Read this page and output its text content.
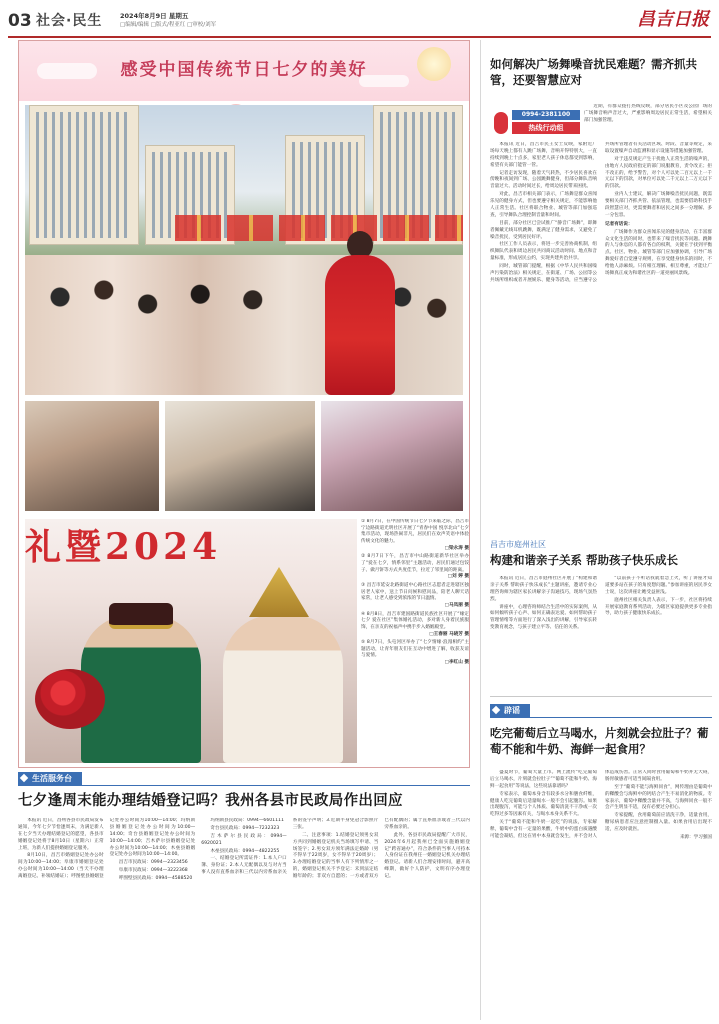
03 社会·民生	2024年8月9日 星期五
□编辑/编辑 □版式/程亚红 □审校/刘军	昌吉日报
感受中国传统节日七夕的美好
礼暨2024

① 8月7日，在中国传统节日七夕节来临之际，昌吉市宁边路街道光明社区开展了“青春中国 悦享北山”七夕集市活动，现场热闹非凡，居民们在欢声笑语中体验传统文化的魅力。
□梁永涛 摄

② 8月7日下午，昌吉市中山路街道新华社区举办了“爱在七夕，情系邻里”主题活动，居民们通过包饺子、做月饼等方式共度佳节，拉近了邻里间的距离。
□刘 婷 摄

③ 昌吉市延安北路街道中心路社区志愿者走进辖区独居老人家中，送上节日问候和慰问品，陪老人聊天话家常，让老人感受到浓浓的节日温情。
□马凤丽 摄

④ 8月8日，昌吉市建国路街道民族社区开展了“缘定七夕 爱在社区”集体婚礼活动，多对新人身着民族服饰，在亲友的祝福声中携手步入婚姻殿堂。
□王春丽 马晓芳 摄

⑤ 8月7日，头屯河区举办了“七夕情缘·浪漫相约”主题活动，让青年朋友们在互动中增进了解，收获友谊与爱情。
□李红山 摄

生活服务台
七夕逢周末能办理结婚登记吗？我州各县市民政局作出回应

本报讯 近日，昌州各县市民政局发布通知，今年七夕节恰逢周末，为满足新人在七夕当天办理结婚登记的愿望，各县市婚姻登记处将于8月10日（星期六）正常上班，为新人们提供婚姻登记服务。

8月10日，昌吉市婚姻登记处办公时间为10:00—14:00；阜康市婚姻登记处办公时间为10:00—14:00（当天不办理离婚登记、补领结婚证）；呼图壁县婚姻登记处办公时间为10:00—14:00；玛纳斯县婚姻登记处办公时间为10:00—14:00；奇台县婚姻登记处办公时间为10:00—14:00；吉木萨尔县婚姻登记处办公时间为10:00—14:00；木垒县婚姻登记处办公时间为10:00—14:00。

昌吉市民政局：0994—2323456

阜康市民政局：0994—3222368

呼图壁县民政局：0994—4588520

玛纳斯县民政局：0994—6601111

奇台县民政局：0994—7232323

吉木萨尔县民政局：0994—6920021

木垒县民政局：0994—4822255

一、结婚登记所需证件：1.本人户口簿、身份证；2.本人无配偶以及与对方当事人没有直系血亲和三代以内旁系血亲关系的签字声明；3.近期半身免冠合影照片三张。

二、注意事项：1.结婚登记须男女双方共同到婚姻登记机关当场填写申请、当场签字；2.男女双方须年满法定婚龄（男不得早于22周岁，女不得早于20周岁）；3.办理结婚登记的当事人有下列情形之一的，婚姻登记机关不予登记：未到法定结婚年龄的；非双方自愿的；一方或者双方已有配偶的；属于直系血亲或者三代以内旁系血亲的。

此外，各县市民政局提醒广大市民，2024年6月起我州已全面实施婚姻登记“跨省通办”，符合条件的当事人可持本人身份证在我州任一婚姻登记机关办理结婚登记。请新人们合理安排时间，避开高峰期，做好个人防护，文明有序办理登记。

如何解决广场舞噪音扰民难题？需齐抓共管，还要智慧应对
0994-2381100
热线行动组

近期，有群众拨打热线反映，部分居民小区及公园广场的广场舞音响声音过大，严重影响周边居民正常生活，希望相关部门加强管理。

本报讯 近日，昌吉市民王女士反映，家附近广场每天晚上都有人跳广场舞，音响开得特别大，一直持续到晚上十点多，家里老人孩子休息都受到影响，希望有关部门能管一管。

记者走访发现，随着天气转热，不少居民喜欢在傍晚和夜间到广场、公园跳舞健身，但部分舞队音响音量过大、活动时间过长，给周边居民带来困扰。

对此，昌吉市相关部门表示，广场舞是群众喜闻乐见的健身方式，但也要遵守相关规定，不能影响他人正常生活。社区将联合物业、城管等部门加强巡查，引导舞队合理控制音量和时间。

目前，部分社区已尝试推广“静音广场舞”，即舞者佩戴无线耳机跳舞，既满足了健身需求，又避免了噪音扰民，受到居民好评。

社区工作人员表示，将进一步完善协商机制，组织舞队代表和周边居民共同商议活动时间、地点和音量标准，形成居民公约，实现共建共治共享。

同时，城管部门提醒，根据《中华人民共和国噪声污染防治法》相关规定，在街道、广场、公园等公共场所组织或者开展娱乐、健身等活动，应当遵守公共场所管理者有关活动区域、时段、音量等规定，采取设置噪声自动监测和显示设施等措施加强管理。

对于违反规定产生干扰他人正常生活的噪声的，由地方人民政府指定的部门说服教育，责令改正；拒不改正的，给予警告，对个人可以处二百元以上一千元以下的罚款，对单位可以处二千元以上二万元以下的罚款。

业内人士建议，解决广场舞噪音扰民问题，既需要相关部门齐抓共管、依法管理，也需要借助科技手段智慧应对，更需要舞者和居民之间多一分理解、多一分包容。

记者有话说：

广场舞作为群众喜闻乐见的健身活动，在丰富群众文化生活的同时，也带来了噪音扰民等问题。跳舞的人与休息的人都有各自的权利，关键在于找到平衡点。社区、物业、城管等部门应加强协调，引导广场舞爱好者自觉遵守规则，在享受健身快乐的同时，不给他人添麻烦。只有相互理解、相互尊重，才能让广场舞真正成为和谐社区的一道亮丽风景线。

昌吉市庭州社区
构建和谐亲子关系 帮助孩子快乐成长

本报讯 近日，昌吉市庭州社区开展了“构建和谐亲子关系 帮助孩子快乐成长”主题讲座，邀请专业心理咨询师为辖区家长讲解亲子沟通技巧，现场气氛热烈。

讲座中，心理咨询师结合生活中的实际案例，从如何倾听孩子心声、如何正确表达爱、如何帮助孩子管理情绪等方面进行了深入浅出的讲解，引导家长转变教育观念，与孩子建立平等、信任的关系。

“以前孩子不听话我就着急上火，听了讲座才知道要多站在孩子的角度想问题。”参加讲座的居民李女士说，这次讲座让她受益匪浅。

庭州社区相关负责人表示，下一步，社区将持续开展家庭教育系列活动，为辖区家庭提供更多专业指导，助力孩子健康快乐成长。

辟谣
吃完葡萄后立马喝水，片刻就会拉肚子？葡萄不能和牛奶、海鲜一起食用？

盛夏时节，葡萄大量上市。网上流传“吃完葡萄后立马喝水，片刻就会拉肚子”“葡萄不能和牛奶、海鲜一起食用”等说法，这些说法靠谱吗？

专家表示，葡萄本身含有较多水分和膳食纤维，健康人吃完葡萄后适量喝水一般不会引起腹泻。如果出现腹泻，可能与个人体质、葡萄清洗不干净或一次吃得过多等因素有关，与喝水本身关系不大。

关于“葡萄不能和牛奶一起吃”的说法，专家解释，葡萄中含有一定量的果酸，牛奶中的蛋白质遇酸可能会凝结，但这在胃中本身就会发生，并不会对人体造成伤害。正常人同时食用葡萄和牛奶并无大碍，肠胃敏感者可适当间隔食用。

至于“葡萄不能与海鲜同食”，网传理由是葡萄中的鞣酸会与海鲜中的钙结合产生不易消化的物质。专家表示，葡萄中鞣酸含量并不高，与海鲜同食一般不会产生明显不适，没有必要过分担心。

专家提醒，食用葡萄前应清洗干净，适量食用，糖尿病患者应注意控制摄入量。如果食用后出现不适，应及时就医。

来源：学习强国
